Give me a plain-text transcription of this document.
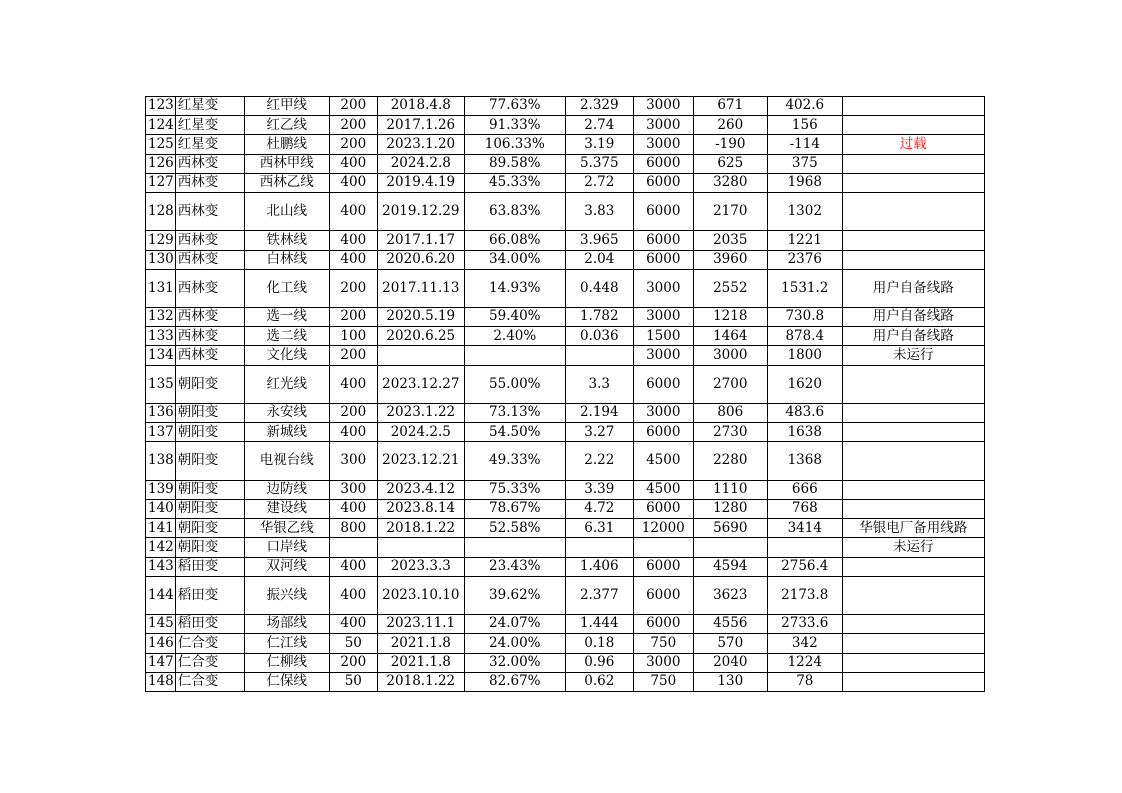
123	红星变	红甲线	200	2018.4.8	77.63%	2.329	3000	671	402.6	
124	红星变	红乙线	200	2017.1.26	91.33%	2.74	3000	260	156	
125	红星变	杜鹏线	200	2023.1.20	106.33%	3.19	3000	-190	-114	过载
126	西林变	西林甲线	400	2024.2.8	89.58%	5.375	6000	625	375	
127	西林变	西林乙线	400	2019.4.19	45.33%	2.72	6000	3280	1968	
128	西林变	北山线	400	2019.12.29	63.83%	3.83	6000	2170	1302	
129	西林变	铁林线	400	2017.1.17	66.08%	3.965	6000	2035	1221	
130	西林变	白林线	400	2020.6.20	34.00%	2.04	6000	3960	2376	
131	西林变	化工线	200	2017.11.13	14.93%	0.448	3000	2552	1531.2	用户自备线路
132	西林变	选一线	200	2020.5.19	59.40%	1.782	3000	1218	730.8	用户自备线路
133	西林变	选二线	100	2020.6.25	2.40%	0.036	1500	1464	878.4	用户自备线路
134	西林变	文化线	200				3000	3000	1800	未运行
135	朝阳变	红光线	400	2023.12.27	55.00%	3.3	6000	2700	1620	
136	朝阳变	永安线	200	2023.1.22	73.13%	2.194	3000	806	483.6	
137	朝阳变	新城线	400	2024.2.5	54.50%	3.27	6000	2730	1638	
138	朝阳变	电视台线	300	2023.12.21	49.33%	2.22	4500	2280	1368	
139	朝阳变	边防线	300	2023.4.12	75.33%	3.39	4500	1110	666	
140	朝阳变	建设线	400	2023.8.14	78.67%	4.72	6000	1280	768	
141	朝阳变	华银乙线	800	2018.1.22	52.58%	6.31	12000	5690	3414	华银电厂备用线路
142	朝阳变	口岸线								未运行
143	稻田变	双河线	400	2023.3.3	23.43%	1.406	6000	4594	2756.4	
144	稻田变	振兴线	400	2023.10.10	39.62%	2.377	6000	3623	2173.8	
145	稻田变	场部线	400	2023.11.1	24.07%	1.444	6000	4556	2733.6	
146	仁合变	仁江线	50	2021.1.8	24.00%	0.18	750	570	342	
147	仁合变	仁柳线	200	2021.1.8	32.00%	0.96	3000	2040	1224	
148	仁合变	仁保线	50	2018.1.22	82.67%	0.62	750	130	78	
